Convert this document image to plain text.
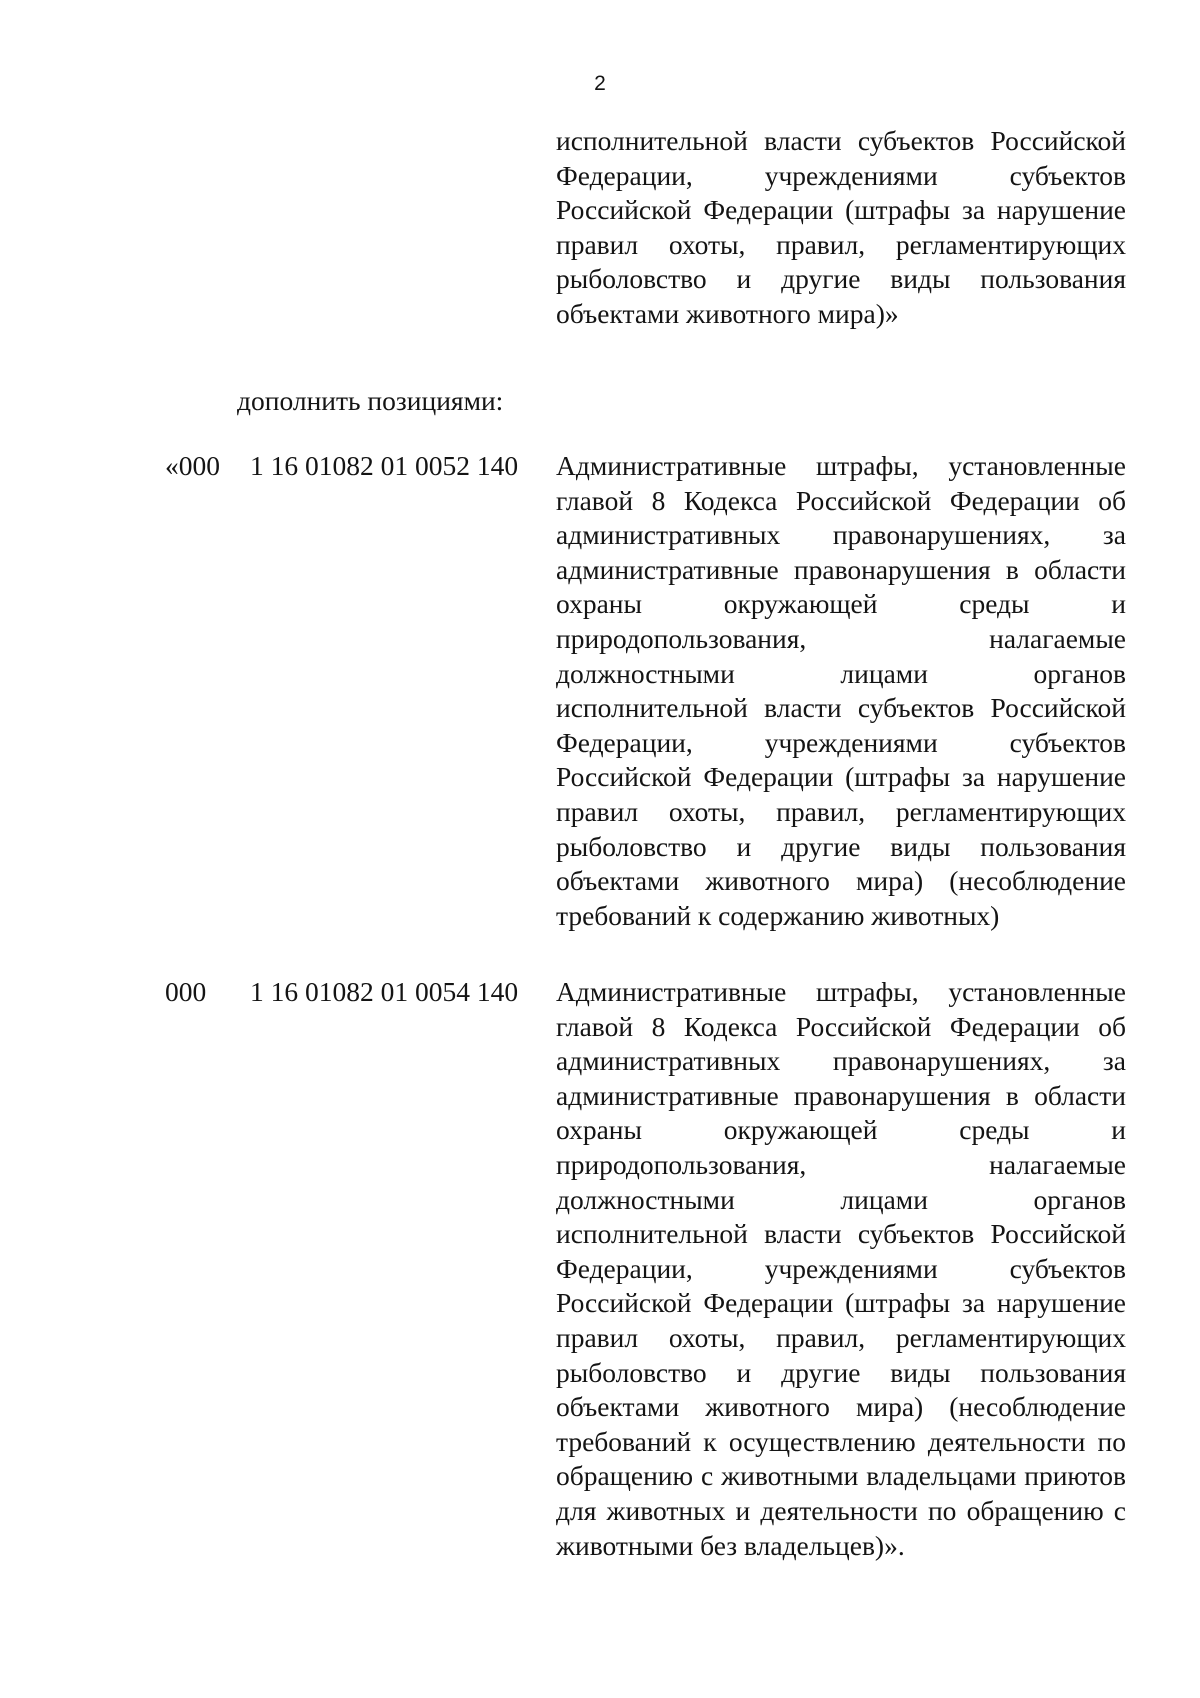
2
исполнительной власти субъектов Российской Федерации, учреждениями субъектов Российской Федерации (штрафы за нарушение правил охоты, правил, регламентирующих рыболовство и другие виды пользования объектами животного мира)»
дополнить позициями:
«000 1 16 01082 01 0052 140 Административные штрафы, установленные главой 8 Кодекса Российской Федерации об административных правонарушениях, за административные правонарушения в области охраны окружающей среды и природопользования, налагаемые должностными лицами органов исполнительной власти субъектов Российской Федерации, учреждениями субъектов Российской Федерации (штрафы за нарушение правил охоты, правил, регламентирующих рыболовство и другие виды пользования объектами животного мира) (несоблюдение требований к содержанию животных)
000 1 16 01082 01 0054 140 Административные штрафы, установленные главой 8 Кодекса Российской Федерации об административных правонарушениях, за административные правонарушения в области охраны окружающей среды и природопользования, налагаемые должностными лицами органов исполнительной власти субъектов Российской Федерации, учреждениями субъектов Российской Федерации (штрафы за нарушение правил охоты, правил, регламентирующих рыболовство и другие виды пользования объектами животного мира) (несоблюдение требований к осуществлению деятельности по обращению с животными владельцами приютов для животных и деятельности по обращению с животными без владельцев)».
